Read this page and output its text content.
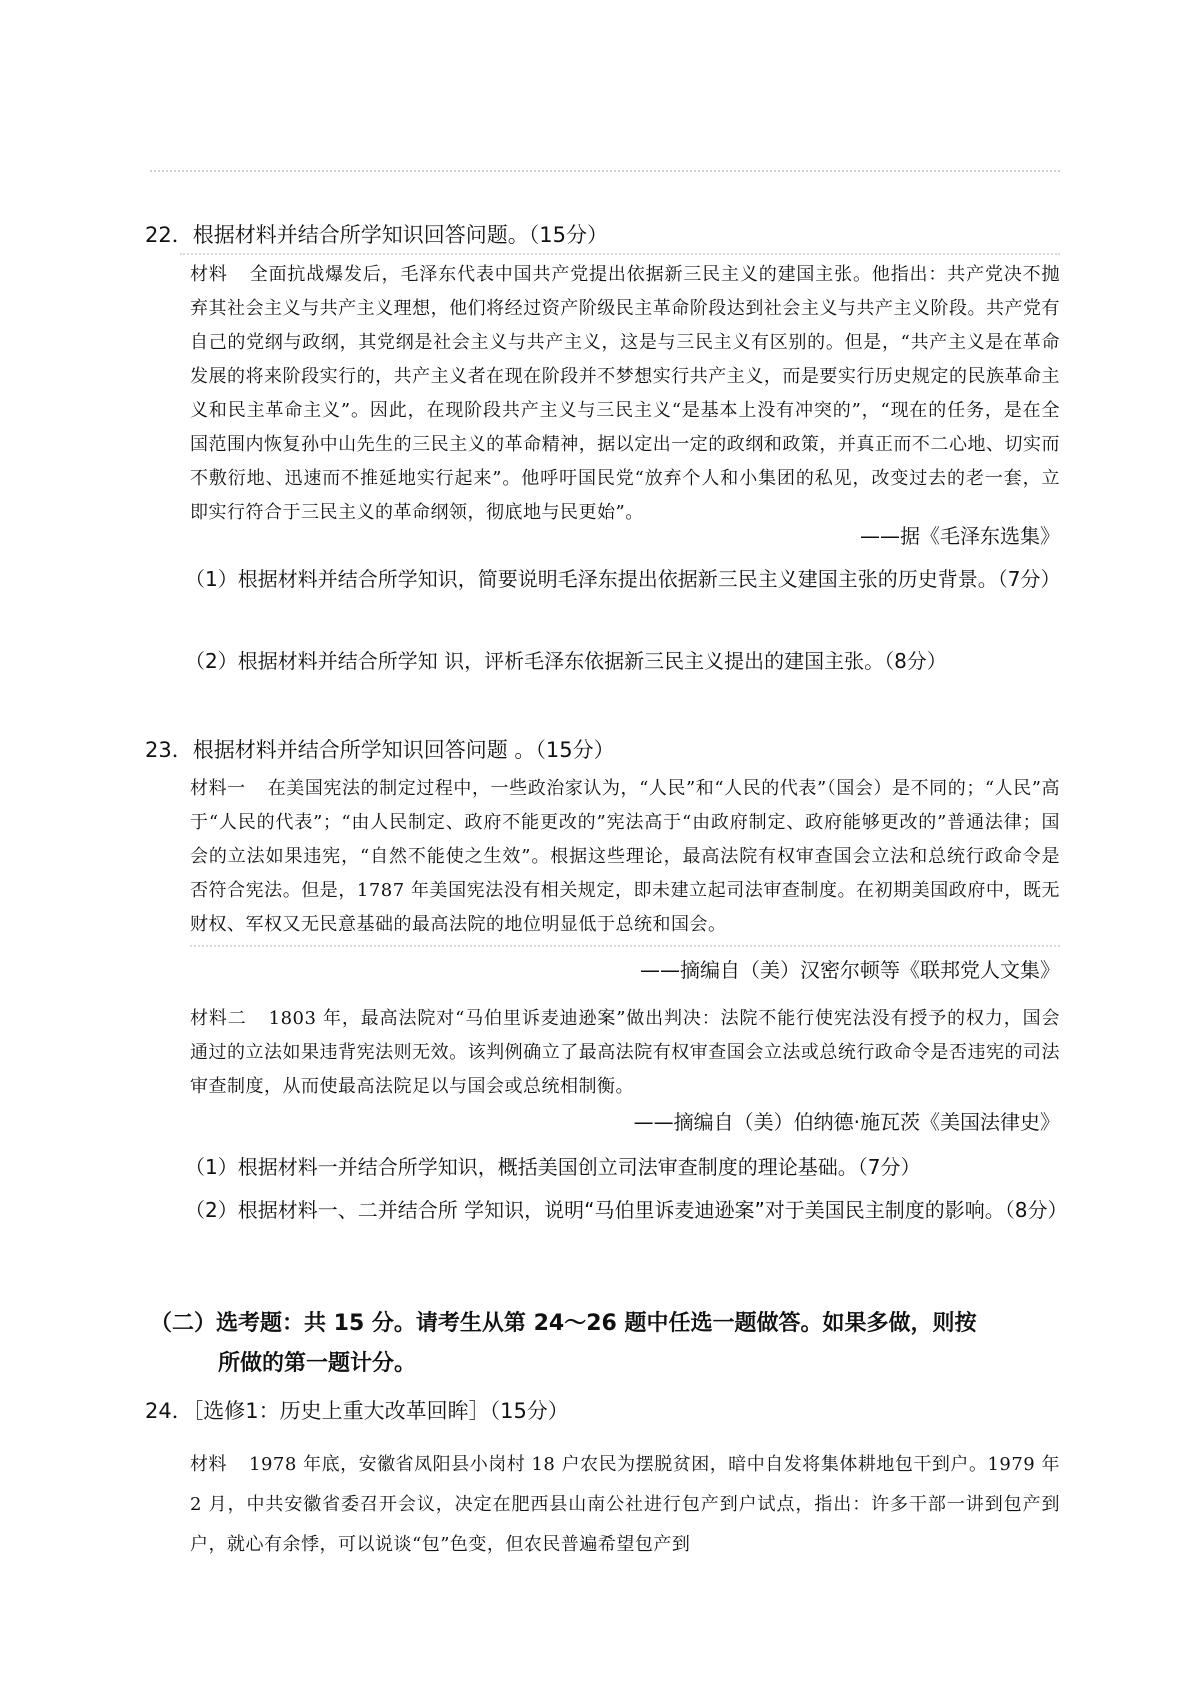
22．根据材料并结合所学知识回答问题。（15分）
材料 全面抗战爆发后，毛泽东代表中国共产党提出依据新三民主义的建国主张。他指出：共产党决不抛弃其社会主义与共产主义理想，他们将经过资产阶级民主革命阶段达到社会主义与共产主义阶段。共产党有自己的党纲与政纲，其党纲是社会主义与共产主义，这是与三民主义有区别的。但是，“共产主义是在革命发展的将来阶段实行的，共产主义者在现在阶段并不梦想实行共产主义，而是要实行历史规定的民族革命主义和民主革命主义”。因此，在现阶段共产主义与三民主义“是基本上没有冲突的”，“现在的任务，是在全国范围内恢复孙中山先生的三民主义的革命精神，据以定出一定的政纲和政策，并真正而不二心地、切实而不敷衍地、迅速而不推延地实行起来”。他呼吁国民党“放弃个人和小集团的私见，改变过去的老一套，立即实行符合于三民主义的革命纲领，彻底地与民更始”。
——据《毛泽东选集》
（1）根据材料并结合所学知识，简要说明毛泽东提出依据新三民主义建国主张的历史背景。（7分）
（2）根据材料并结合所学知 识，评析毛泽东依据新三民主义提出的建国主张。（8分）
23．根据材料并结合所学知识回答问题 。（15分）
材料一 在美国宪法的制定过程中，一些政治家认为，“人民”和“人民的代表”（国会）是不同的；“人民”高于“人民的代表”；“由人民制定、政府不能更改的”宪法高于“由政府制定、政府能够更改的”普通法律；国会的立法如果违宪，“自然不能使之生效”。根据这些理论，最高法院有权审查国会立法和总统行政命令是否符合宪法。但是，1787 年美国宪法没有相关规定，即未建立起司法审查制度。在初期美国政府中，既无财权、军权又无民意基础的最高法院的地位明显低于总统和国会。
——摘编自（美）汉密尔顿等《联邦党人文集》
材料二 1803 年，最高法院对“马伯里诉麦迪逊案”做出判决：法院不能行使宪法没有授予的权力，国会通过的立法如果违背宪法则无效。该判例确立了最高法院有权审查国会立法或总统行政命令是否违宪的司法审查制度，从而使最高法院足以与国会或总统相制衡。
——摘编自（美）伯纳德·施瓦茨《美国法律史》
（1）根据材料一并结合所学知识，概括美国创立司法审查制度的理论基础。（7分）
（2）根据材料一、二并结合所 学知识，说明“马伯里诉麦迪逊案”对于美国民主制度的影响。（8分）
（二）选考题：共 15 分。请考生从第 24～26 题中任选一题做答。如果多做，则按
所做的第一题计分。
24．［选修1：历史上重大改革回眸］（15分）
材料 1978 年底，安徽省凤阳县小岗村 18 户农民为摆脱贫困，暗中自发将集体耕地包干到户。1979 年 2 月，中共安徽省委召开会议，决定在肥西县山南公社进行包产到户试点，指出：许多干部一讲到包产到户，就心有余悸，可以说谈“包”色变，但农民普遍希望包产到
